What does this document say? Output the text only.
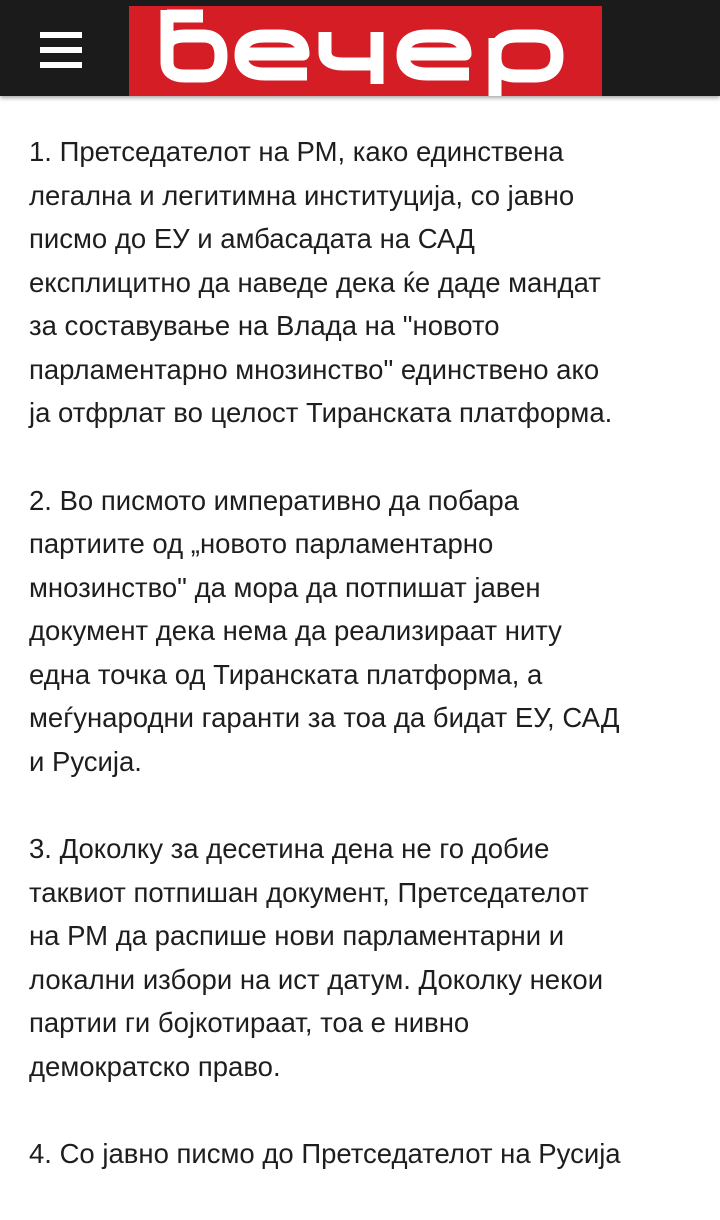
1. Претседателот на РМ, како единствена
легална и легитимна институција, со јавно
писмо до ЕУ и амбасадата на САД
експлицитно да наведе дека ќе даде мандат
за составување на Влада на "новото
парламентарно мнозинство" единствено ако
ја отфрлат во целост Тиранската платформа.

2. Во писмото императивно да побара
партиите од „новото парламентарно
мнозинство" да мора да потпишат јавен
документ дека нема да реализираат ниту
една точка од Тиранската платформа, а
меѓународни гаранти за тоа да бидат ЕУ, САД
и Русија.

3. Доколку за десетина дена не го добие
таквиот потпишан документ, Претседателот
на РМ да распише нови парламентарни и
локални избори на ист датум. Доколку некои
партии ги бојкотираат, тоа е нивно
демократско право.

4. Со јавно писмо до Претседателот на Русија
